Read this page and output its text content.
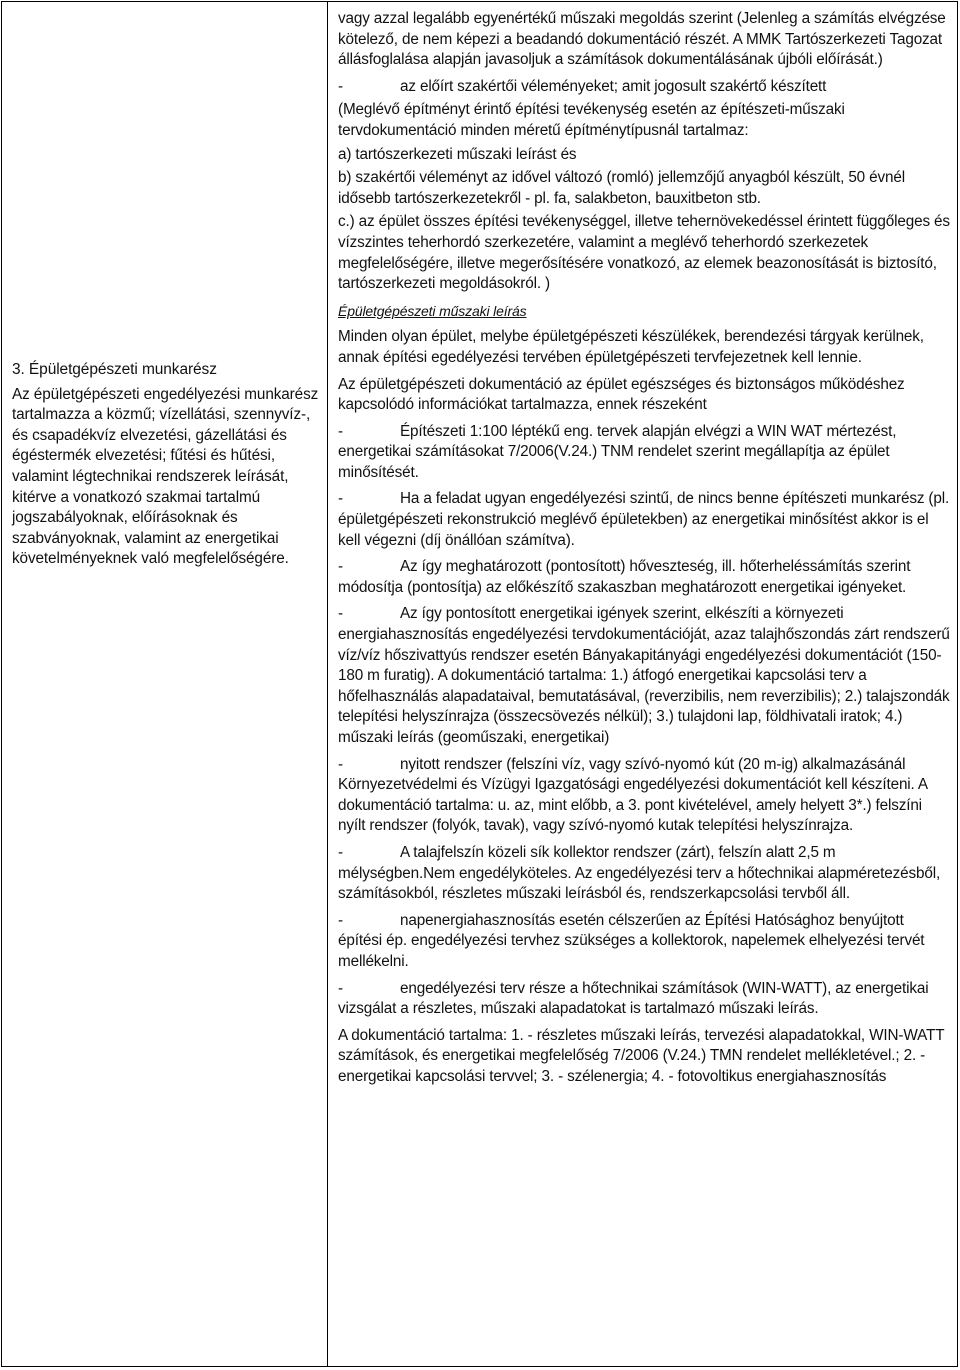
3. Épületgépészeti munkarész

Az épületgépészeti engedélyezési munkarész tartalmazza a közmű; vízellátási, szennyvíz-, és csapadékvíz elvezetési, gázellátási és égéstermék elvezetési; fűtési és hűtési, valamint légtechnikai rendszerek leírását, kitérve a vonatkozó szakmai tartalmú jogszabályoknak, előírásoknak és szabványoknak, valamint az energetikai követelményeknek való megfelelőségére.

vagy azzal legalább egyenértékű műszaki megoldás szerint (Jelenleg a számítás elvégzése kötelező, de nem képezi a beadandó dokumentáció részét. A MMK Tartószerkezeti Tagozat állásfoglalása alapján javasoljuk a számítások dokumentálásának újbóli előírását.)

-	az előírt szakértői véleményeket; amit jogosult szakértő készített

(Meglévő építményt érintő építési tevékenység esetén az építészeti-műszaki tervdokumentáció minden méretű építménytípusnál tartalmaz:

a) tartószerkezeti műszaki leírást és

b) szakértői véleményt az idővel változó (romló) jellemzőjű anyagból készült, 50 évnél idősebb tartószerkezetekről - pl. fa, salakbeton, bauxitbeton stb.

c.) az épület összes építési tevékenységgel, illetve tehernövekedéssel érintett függőleges és vízszintes teherhordó szerkezetére, valamint a meglévő teherhordó szerkezetek megfelelőségére, illetve megerősítésére vonatkozó, az elemek beazonosítását is biztosító, tartószerkezeti megoldásokról. )

Épületgépészeti műszaki leírás

Minden olyan épület, melybe épületgépészeti készülékek, berendezési tárgyak kerülnek, annak építési egedélyezési tervében épületgépészeti tervfejezetnek kell lennie.

Az épületgépészeti dokumentáció az épület egészséges és biztonságos működéshez kapcsolódó információkat tartalmazza, ennek részeként

-	Építészeti 1:100 léptékű eng. tervek alapján elvégzi a WIN WAT mértezést, energetikai számításokat 7/2006(V.24.) TNM rendelet szerint megállapítja az épület minősítését.

-	Ha a feladat ugyan engedélyezési szintű, de nincs benne építészeti munkarész (pl. épületgépészeti rekonstrukció meglévő épületekben) az energetikai minősítést akkor is el kell végezni (díj önállóan számítva).

-	Az így meghatározott (pontosított) hőveszteség, ill. hőterheléssámítás szerint módosítja (pontosítja) az előkészítő szakaszban meghatározott energetikai igényeket.

-	Az így pontosított energetikai igények szerint, elkészíti a környezeti energiahasznosítás engedélyezési tervdokumentációját, azaz talajhőszondás zárt rendszerű víz/víz hőszivattyús rendszer esetén Bányakapitányági engedélyezési dokumentációt (150-180 m furatig). A dokumentáció tartalma: 1.) átfogó energetikai kapcsolási terv a hőfelhasználás alapadataival, bemutatásával, (reverzibilis, nem reverzibilis); 2.) talajszondák telepítési helyszínrajza (összecsövezés nélkül); 3.) tulajdoni lap, földhivatali iratok; 4.) műszaki leírás (geoműszaki, energetikai)

-	nyitott rendszer (felszíni víz, vagy szívó-nyomó kút (20 m-ig) alkalmazásánál Környezetvédelmi és Vízügyi Igazgatósági engedélyezési dokumentációt kell készíteni. A dokumentáció tartalma: u. az, mint előbb, a 3. pont kivételével, amely helyett 3*.) felszíni nyílt rendszer (folyók, tavak), vagy szívó-nyomó kutak telepítési helyszínrajza.

-	A talajfelszín közeli sík kollektor rendszer (zárt), felszín alatt 2,5 m mélységben.Nem engedélyköteles. Az engedélyezési terv a hőtechnikai alapméretezésből, számításokból, részletes műszaki leírásból és, rendszerkapcsolási tervből áll.

-	napenergiahasznosítás esetén célszerűen az Építési Hatósághoz benyújtott építési ép. engedélyezési tervhez szükséges a kollektorok, napelemek elhelyezési tervét mellékelni.

-	engedélyezési terv része a hőtechnikai számítások (WIN-WATT), az energetikai vizsgálat a részletes, műszaki alapadatokat is tartalmazó műszaki leírás.

A dokumentáció tartalma: 1. - részletes műszaki leírás, tervezési alapadatokkal, WIN-WATT számítások, és energetikai megfelelőség 7/2006 (V.24.) TMN rendelet mellékletével.; 2. - energetikai kapcsolási tervvel; 3. - szélenergia; 4. - fotovoltikus energiahasznosítás
